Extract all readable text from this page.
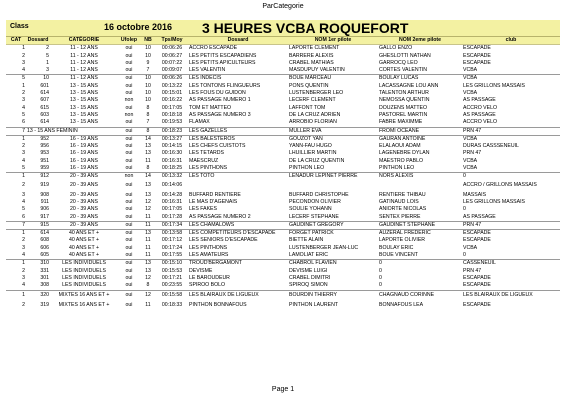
ParCategorie
Class	16 octobre 2016 3 HEURES VCBA ROQUEFORT
CAT	Dossard	CATÉGORIE	Ufolep	NB	Tps/Moy	Dossard	NOM 1er pilote	NOM 2eme pilote	club
1	2	11 - 12 ANS	oui	10	00:06:26	ACCRO ESCAPADE	LAPORTE CLEMENT	GALLO ENZO	ESCAPADE
2	5	11 - 12 ANS	oui	10	00:06:27	LES PETITS ESCAPADIENS	BARRERE ALEXIS	GHESLOTTI NATHAN	ESCAPADE
3	1	11 - 12 ANS	oui	9	00:07:22	LES PETITS APICULTEURS	CRABEL MATHIAS	GARROCQ LEO	ESCAPADE
4	3	11 - 12 ANS	oui	7	00:09:07	LES VALENTIN	MASDUPUY VALENTIN	CORTES VALENTIN	VCBA
5	10	11 - 12 ANS	oui	10	00:06:26	LES INDECIS	BOUE MARCEAU	BOULAY LUCAS	VCBA
1	601	13 - 15 ANS	oui	10	00:13:22	LES TONTONS FLINGUEURS	PONS QUENTIN	LACASSAGNE LOU ANN	LES GRILLONS MASSAIS
2	614	13 - 15 ANS	oui	10	00:15:01	LES FOUS DU GUIDON	LUSTENBERGER LEO	TALENTON ARTHUR	VCBA
3	607	13 - 15 ANS	non	10	00:16:22	AS PASSAGE NUMERO 1	LECERF CLEMENT	NEMOSSA QUENTIN	AS PASSAGE
4	615	13 - 15 ANS	oui	8	00:17:05	TOM ET MATTEO	LAFFONT TOM	DOUZENS MATTEO	ACCRO VELO
5	603	13 - 15 ANS	non	8	00:18:18	AS PASSAGE NUMERO 3	DE LA CRUZ ADRIEN	PASTOREL MARTIN	AS PASSAGE
6	614	13 - 15 ANS	oui	7	00:19:53	FLAMAX	ARROBIO FLORIAN	FABRE MAXIMME	ACCRO VELO
7	13 - 15 ANS FEMININ		oui	8	00:18:23	LES GAZELLES	MULLER EVA	FROMI OCEANE	PRN 47
1	952	16 - 19 ANS	oui	14	00:13:27	LES BALESTEROS	GOUZOT YAN	GAURAN ANTOINE	VCBA
2	956	16 - 19 ANS	oui	13	00:14:15	LES CHEFS CUISTOTS	YANN-FAU HUGO	ELALAOUI ADAM	DURAS CASSSENEUIL
3	953	16 - 19 ANS	oui	13	00:16:30	LES TETARDS	LHUILLIER MARTIN	LAGENEBRE DYLAN	PRN 47
4	951	16 - 19 ANS	oui	11	00:16:31	MAESCRUZ	DE LA CRUZ QUENTIN	MAESTRO PABLO	VCBA
5	959	16 - 19 ANS	oui	8	00:18:25	LES PINTHONS	PINTHON LEO	PINTHON LEO	VCBA
1	912	20 - 39 ANS	non	14	00:13:32	LES TOTO	LENADUR LEPINET PIERRE	NORS ALEXIS	0
2	919	20 - 39 ANS	oui	13	00:14:06				ACCRO / GRILLONS MASSAIS
3	908	20 - 39 ANS	oui	13	00:14:28	BUFFARD RENTIERE	BUFFARD CHRISTOPHE	RENTIERE THIBAU	MASSAIS
4	911	20 - 39 ANS	oui	12	00:16:31	LE MAS D'AGENAIS	PECONDON OLIVIER	GATINAUD LOIS	LES GRILLONS MASSAIS
5	906	20 - 39 ANS	oui	12	00:17:05	LES FAKES	SOULIE YOHANN	ANIORTE NICOLAS	0
6	917	20 - 39 ANS	oui	11	00:17:28	AS PASSAGE NUMERO 2	LECERF STEPHANE	SENTEX PIERRE	AS PASSAGE
7	915	20 - 39 ANS	oui	11	00:17:34	LES CHAMALOWS	GAUDINET GREGORY	GAUDINET STEPHANE	PRN 47
1	614	40 ANS ET +	oui	13	00:13:58	LES COMPETITEURS D'ESCAPADE	FORGET PATRICK	AUZERAL FREDERIC	ESCAPADE
2	608	40 ANS ET +	oui	11	00:17:12	LES SENIORS D'ESCAPADE	BIETTE ALAIN	LAPORTE OLIVIER	ESCAPADE
3	606	40 ANS ET +	oui	11	00:17:24	LES PINTHONS	LUSTENBERGER JEAN-LUC	BOULAY ERIC	VCBA
4	605	40 ANS ET +	oui	11	00:17:55	LES AMATEURS	LAMOLIAT ERIC	BOUE VINCENT	0
1	310	LES INDIVIDUELS	oui	13	00:15:10	TROUD'BERGAMONT	CHABROL FLAVIEN	0	CASSENEUIL
2	331	LES INDIVIDUELS	oui	13	00:15:53	DEVISME	DEVISME LUIGI	0	PRN 47
3	301	LES INDIVIDUELS	oui	12	00:17:21	LE BAROUDEUR	CRABEL DIMITRI	0	ESCAPADE
4	308	LES INDIVIDUELS	oui	8	00:23:55	SPIROO BOLO	SPIROQ SIMON	0	ESCAPADE
1	320	MIXTES 16 ANS ET +	oui	12	00:15:58	LES BLAIRAUX DE LIGUEUX	BOURDIN THIERRY	CHAGNAUD CORINNE	LES BLAIRAUX DE LIGUEUX
2	319	MIXTES 16 ANS ET +	oui	11	00:18:33	PINTHON BONNAFOUS	PINTHON LAURENT	BONNAFOUS LEA	ESCAPADE
Page 1
